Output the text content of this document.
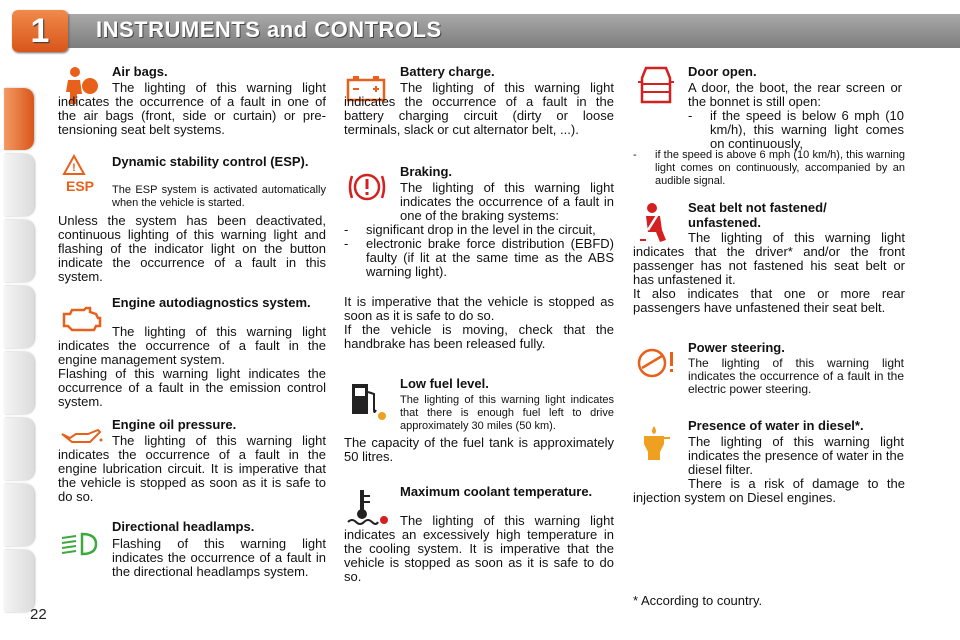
1	INSTRUMENTS and CONTROLS
Air bags.
The lighting of this warning light indicates the occurrence of a fault in one of the air bags (front, side or curtain) or pre-tensioning seat belt systems.
!
ESP
Dynamic stability control (ESP).
The ESP system is activated automatically when the vehicle is started.
Unless the system has been deactivated, continuous lighting of this warning light and flashing of the indicator light on the button indicate the occurrence of a fault in this system.
Engine autodiagnostics system.
The lighting of this warning light indicates the occurrence of a fault in the engine management system.
Flashing of this warning light indicates the occurrence of a fault in the emission control system.
Engine oil pressure.
The lighting of this warning light indicates the occurrence of a fault in the engine lubrication circuit. It is imperative that the vehicle is stopped as soon as it is safe to do so.
Directional headlamps.
Flashing of this warning light indicates the occurrence of a fault in the directional headlamps system.
Battery charge.
The lighting of this warning light indicates the occurrence of a fault in the battery charging circuit (dirty or loose terminals, slack or cut alternator belt, ...).
Braking.
The lighting of this warning light indicates the occurrence of a fault in one of the braking systems:
- significant drop in the level in the circuit,
- electronic brake force distribution (EBFD) faulty (if lit at the same time as the ABS warning light).
It is imperative that the vehicle is stopped as soon as it is safe to do so.
If the vehicle is moving, check that the handbrake has been released fully.
Low fuel level.
The lighting of this warning light indicates that there is enough fuel left to drive approximately 30 miles (50 km).
The capacity of the fuel tank is approximately 50 litres.
Maximum coolant temperature.
The lighting of this warning light indicates an excessively high temperature in the cooling system. It is imperative that the vehicle is stopped as soon as it is safe to do so.
Door open.
A door, the boot, the rear screen or the bonnet is still open:
- if the speed is below 6 mph (10 km/h), this warning light comes on continuously,
- if the speed is above 6 mph (10 km/h), this warning light comes on continuously, accompanied by an audible signal.
Seat belt not fastened/ unfastened.
The lighting of this warning light indicates that the driver* and/or the front passenger has not fastened his seat belt or has unfastened it.
It also indicates that one or more rear passengers have unfastened their seat belt.
Power steering.
The lighting of this warning light indicates the occurrence of a fault in the electric power steering.
Presence of water in diesel*.
The lighting of this warning light indicates the presence of water in the diesel filter.
There is a risk of damage to the injection system on Diesel engines.
* According to country.
22
